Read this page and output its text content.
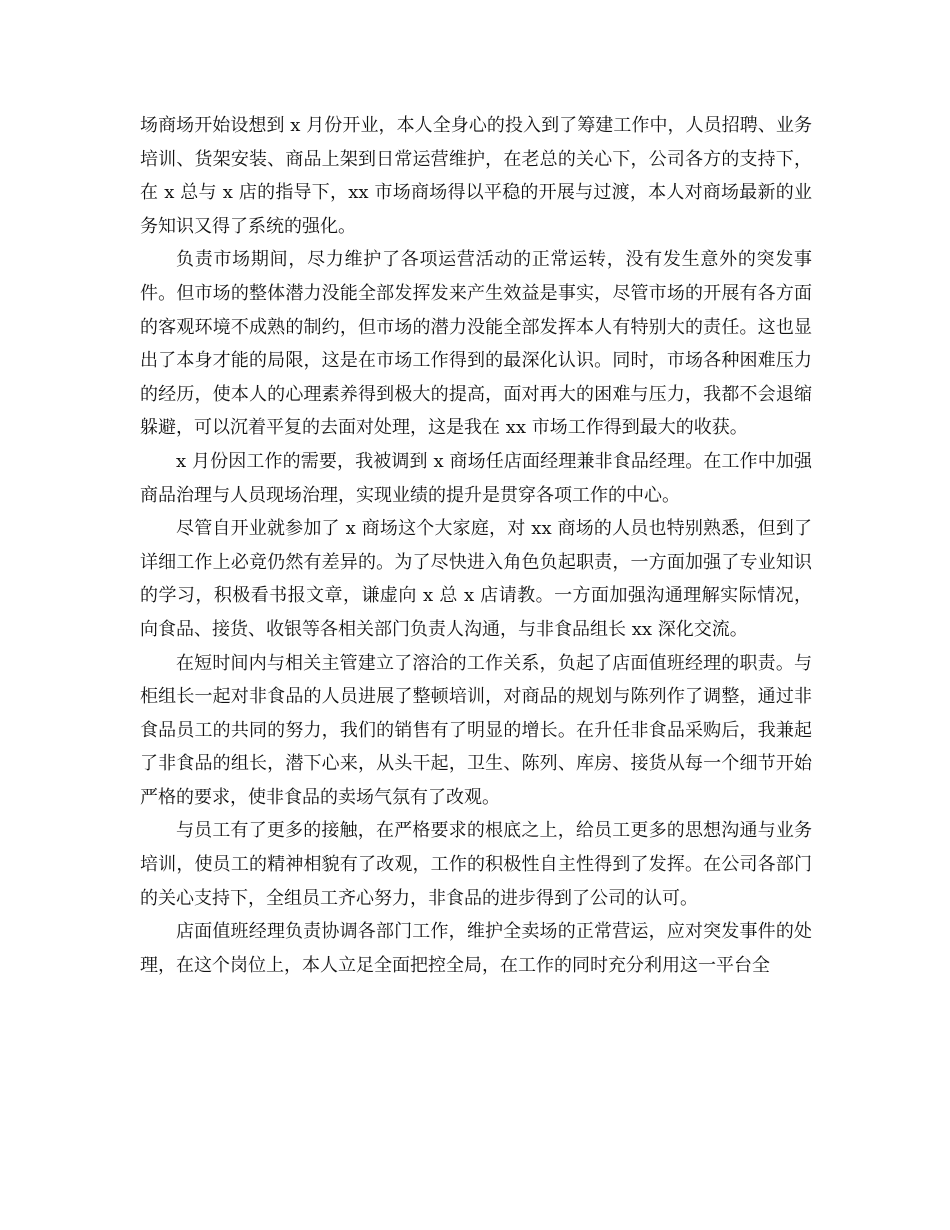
场商场开始设想到 x 月份开业，本人全身心的投入到了筹建工作中，人员招聘、业务培训、货架安装、商品上架到日常运营维护，在老总的关心下，公司各方的支持下，在 x 总与 x 店的指导下，xx 市场商场得以平稳的开展与过渡，本人对商场最新的业务知识又得了系统的强化。

负责市场期间，尽力维护了各项运营活动的正常运转，没有发生意外的突发事件。但市场的整体潜力没能全部发挥发来产生效益是事实，尽管市场的开展有各方面的客观环境不成熟的制约，但市场的潜力没能全部发挥本人有特别大的责任。这也显出了本身才能的局限，这是在市场工作得到的最深化认识。同时，市场各种困难压力的经历，使本人的心理素养得到极大的提高，面对再大的困难与压力，我都不会退缩躲避，可以沉着平复的去面对处理，这是我在 xx 市场工作得到最大的收获。

x 月份因工作的需要，我被调到 x 商场任店面经理兼非食品经理。在工作中加强商品治理与人员现场治理，实现业绩的提升是贯穿各项工作的中心。

尽管自开业就参加了 x 商场这个大家庭，对 xx 商场的人员也特别熟悉，但到了详细工作上必竟仍然有差异的。为了尽快进入角色负起职责，一方面加强了专业知识的学习，积极看书报文章，谦虚向 x 总 x 店请教。一方面加强沟通理解实际情况，向食品、接货、收银等各相关部门负责人沟通，与非食品组长 xx 深化交流。

在短时间内与相关主管建立了溶洽的工作关系，负起了店面值班经理的职责。与柜组长一起对非食品的人员进展了整顿培训，对商品的规划与陈列作了调整，通过非食品员工的共同的努力，我们的销售有了明显的增长。在升任非食品采购后，我兼起了非食品的组长，潜下心来，从头干起，卫生、陈列、库房、接货从每一个细节开始严格的要求，使非食品的卖场气氛有了改观。

与员工有了更多的接触，在严格要求的根底之上，给员工更多的思想沟通与业务培训，使员工的精神相貌有了改观，工作的积极性自主性得到了发挥。在公司各部门的关心支持下，全组员工齐心努力，非食品的进步得到了公司的认可。

店面值班经理负责协调各部门工作，维护全卖场的正常营运，应对突发事件的处理，在这个岗位上，本人立足全面把控全局，在工作的同时充分利用这一平台全
